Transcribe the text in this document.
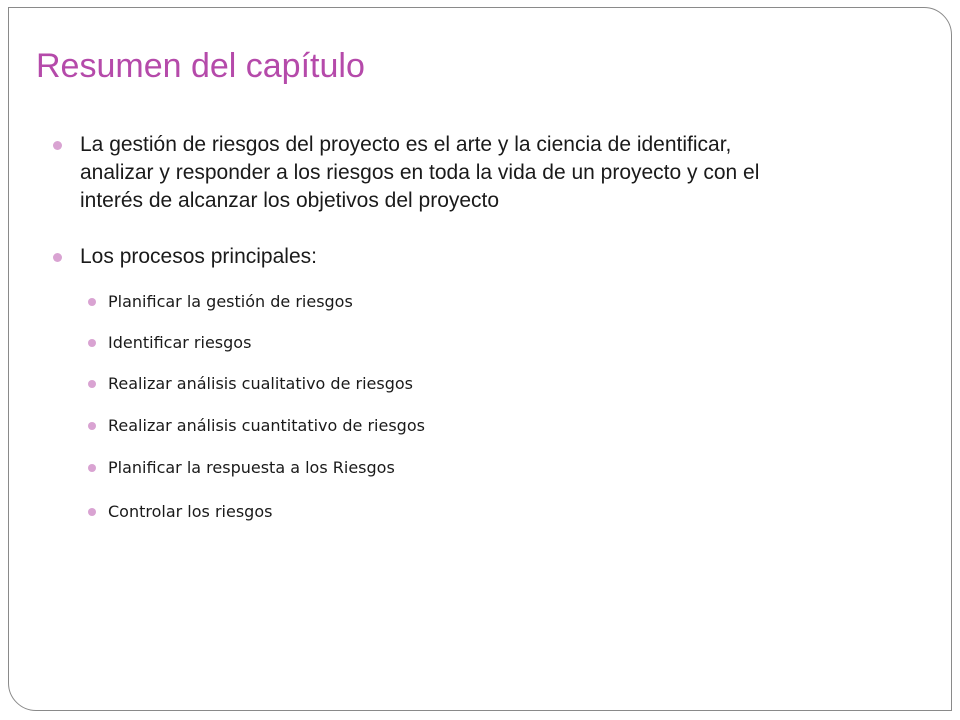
Resumen del capítulo
La gestión de riesgos del proyecto es el arte y la ciencia de identificar, analizar y responder a los riesgos en toda la vida de un proyecto y con el interés de alcanzar los objetivos del proyecto
Los procesos principales:
Planificar la gestión de riesgos
Identificar riesgos
Realizar análisis cualitativo de riesgos
Realizar análisis cuantitativo de riesgos
Planificar la respuesta a los Riesgos
Controlar los riesgos
